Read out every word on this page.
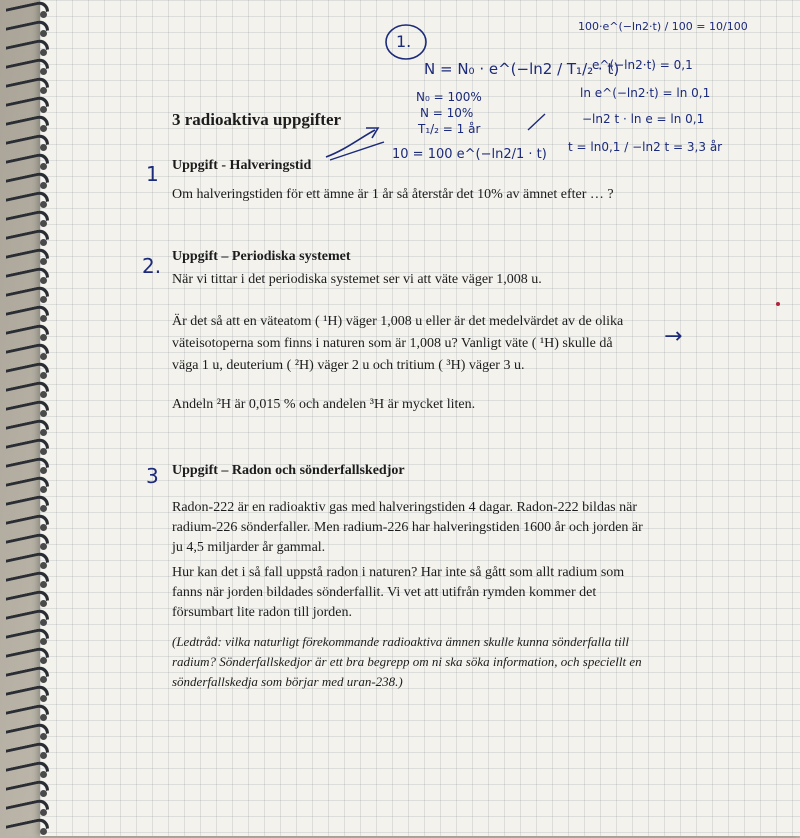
3 radioaktiva uppgifter
1 Uppgift - Halveringstid
Om halveringstiden för ett ämne är 1 år så återstår det 10% av ämnet efter … ?
2. Uppgift – Periodiska systemet
När vi tittar i det periodiska systemet ser vi att väte väger 1,008 u.
Är det så att en väteatom ( ¹H) väger 1,008 u eller är det medelvärdet av de olika
väteisotoperna som finns i naturen som är 1,008 u? Vanligt väte ( ¹H) skulle då
väga 1 u, deuterium ( ²H) väger 2 u och tritium ( ³H) väger 3 u.
Andeln ²H är 0,015 % och andelen ³H är mycket liten.
3 Uppgift – Radon och sönderfallskedjor
Radon-222 är en radioaktiv gas med halveringstiden 4 dagar. Radon-222 bildas när
radium-226 sönderfaller. Men radium-226 har halveringstiden 1600 år och jorden är
ju 4,5 miljarder år gammal.
Hur kan det i så fall uppstå radon i naturen? Har inte så gått som allt radium som
fanns när jorden bildades sönderfallit. Vi vet att utifrån rymden kommer det
försumbart lite radon till jorden.
(Ledtråd: vilka naturligt förekommande radioaktiva ämnen skulle kunna sönderfalla till
radium? Sönderfallskedjor är ett bra begrepp om ni ska söka information, och speciellt en
sönderfallskedja som börjar med uran-238.)
1.
N = N₀ · e^(−ln2 / T₁/₂ · t)
N₀ = 100%
N = 10%
T₁/₂ = 1 år
10 = 100 e^(−ln2/1 · t)
100·e^(−ln2·t) / 100 = 10/100
e^(−ln2·t) = 0,1
ln e^(−ln2·t) = ln 0,1
−ln2 t · ln e = ln 0,1
t = ln0,1 / −ln2 t = 3,3 år
→
